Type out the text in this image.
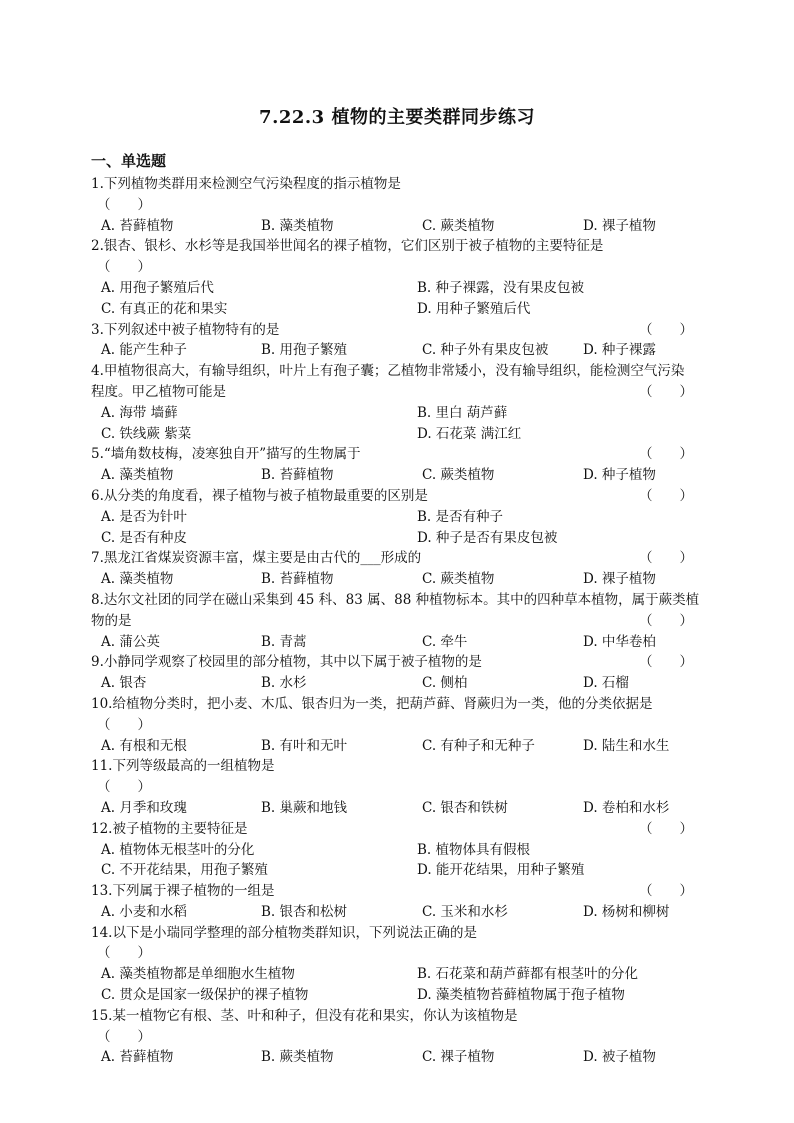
7.22.3 植物的主要类群同步练习
一、单选题
1.下列植物类群用来检测空气污染程度的指示植物是
（　　）
A. 苔藓植物	B. 藻类植物	C. 蕨类植物	D. 裸子植物
2.银杏、银杉、水杉等是我国举世闻名的裸子植物，它们区别于被子植物的主要特征是
（　　）
A. 用孢子繁殖后代	B. 种子裸露，没有果皮包被
C. 有真正的花和果实	D. 用种子繁殖后代
3.下列叙述中被子植物特有的是	（　　）
A. 能产生种子	B. 用孢子繁殖	C. 种子外有果皮包被	D. 种子裸露
4.甲植物很高大，有输导组织，叶片上有孢子囊；乙植物非常矮小，没有输导组织，能检测空气污染
程度。甲乙植物可能是	（　　）
A. 海带 墙藓	B. 里白 葫芦藓
C. 铁线蕨 紫菜	D. 石花菜 满江红
5.“墙角数枝梅，凌寒独自开”描写的生物属于	（　　）
A. 藻类植物	B. 苔藓植物	C. 蕨类植物	D. 种子植物
6.从分类的角度看，裸子植物与被子植物最重要的区别是	（　　）
A. 是否为针叶	B. 是否有种子
C. 是否有种皮	D. 种子是否有果皮包被
7.黑龙江省煤炭资源丰富，煤主要是由古代的___形成的	（　　）
A. 藻类植物	B. 苔藓植物	C. 蕨类植物	D. 裸子植物
8.达尔文社团的同学在磁山采集到 45 科、83 属、88 种植物标本。其中的四种草本植物，属于蕨类植
物的是	（　　）
A. 蒲公英	B. 青蒿	C. 牵牛	D. 中华卷柏
9.小静同学观察了校园里的部分植物，其中以下属于被子植物的是	（　　）
A. 银杏	B. 水杉	C. 侧柏	D. 石榴
10.给植物分类时，把小麦、木瓜、银杏归为一类，把葫芦藓、肾蕨归为一类，他的分类依据是
（　　）
A. 有根和无根	B. 有叶和无叶	C. 有种子和无种子	D. 陆生和水生
11.下列等级最高的一组植物是
（　　）
A. 月季和玫瑰	B. 巢蕨和地钱	C. 银杏和铁树	D. 卷柏和水杉
12.被子植物的主要特征是	（　　）
A. 植物体无根茎叶的分化	B. 植物体具有假根
C. 不开花结果，用孢子繁殖	D. 能开花结果，用种子繁殖
13.下列属于裸子植物的一组是	（　　）
A. 小麦和水稻	B. 银杏和松树	C. 玉米和水杉	D. 杨树和柳树
14.以下是小瑞同学整理的部分植物类群知识，下列说法正确的是
（　　）
A. 藻类植物都是单细胞水生植物	B. 石花菜和葫芦藓都有根茎叶的分化
C. 贯众是国家一级保护的裸子植物	D. 藻类植物苔藓植物属于孢子植物
15.某一植物它有根、茎、叶和种子，但没有花和果实，你认为该植物是
（　　）
A. 苔藓植物	B. 蕨类植物	C. 裸子植物	D. 被子植物
